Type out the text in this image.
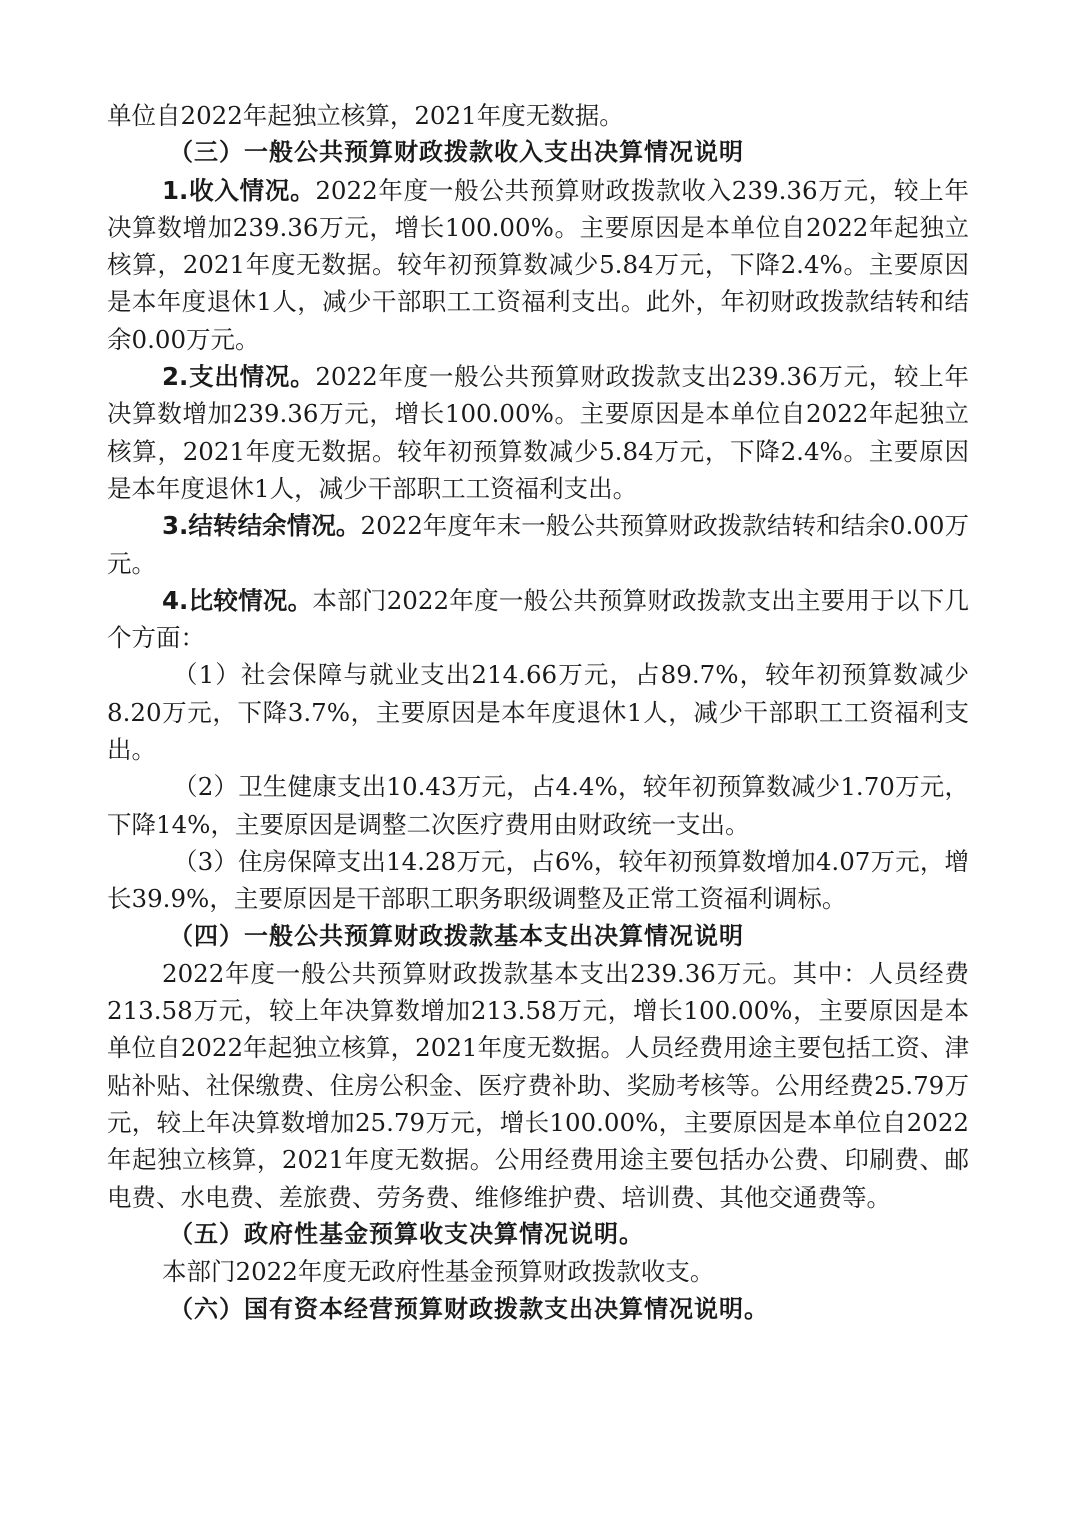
单位自2022年起独立核算，2021年度无数据。

（三）一般公共预算财政拨款收入支出决算情况说明

1.收入情况。2022年度一般公共预算财政拨款收入239.36万元，较上年决算数增加239.36万元，增长100.00%。主要原因是本单位自2022年起独立核算，2021年度无数据。较年初预算数减少5.84万元，下降2.4%。主要原因是本年度退休1人，减少干部职工工资福利支出。此外，年初财政拨款结转和结余0.00万元。

2.支出情况。2022年度一般公共预算财政拨款支出239.36万元，较上年决算数增加239.36万元，增长100.00%。主要原因是本单位自2022年起独立核算，2021年度无数据。较年初预算数减少5.84万元，下降2.4%。主要原因是本年度退休1人，减少干部职工工资福利支出。

3.结转结余情况。2022年度年末一般公共预算财政拨款结转和结余0.00万元。

4.比较情况。本部门2022年度一般公共预算财政拨款支出主要用于以下几个方面：

（1）社会保障与就业支出214.66万元，占89.7%，较年初预算数减少8.20万元，下降3.7%，主要原因是本年度退休1人，减少干部职工工资福利支出。

（2）卫生健康支出10.43万元，占4.4%，较年初预算数减少1.70万元，下降14%，主要原因是调整二次医疗费用由财政统一支出。

（3）住房保障支出14.28万元，占6%，较年初预算数增加4.07万元，增长39.9%，主要原因是干部职工职务职级调整及正常工资福利调标。

（四）一般公共预算财政拨款基本支出决算情况说明

2022年度一般公共预算财政拨款基本支出239.36万元。其中：人员经费213.58万元，较上年决算数增加213.58万元，增长100.00%，主要原因是本单位自2022年起独立核算，2021年度无数据。人员经费用途主要包括工资、津贴补贴、社保缴费、住房公积金、医疗费补助、奖励考核等。公用经费25.79万元，较上年决算数增加25.79万元，增长100.00%，主要原因是本单位自2022年起独立核算，2021年度无数据。公用经费用途主要包括办公费、印刷费、邮电费、水电费、差旅费、劳务费、维修维护费、培训费、其他交通费等。

（五）政府性基金预算收支决算情况说明。

本部门2022年度无政府性基金预算财政拨款收支。

（六）国有资本经营预算财政拨款支出决算情况说明。
